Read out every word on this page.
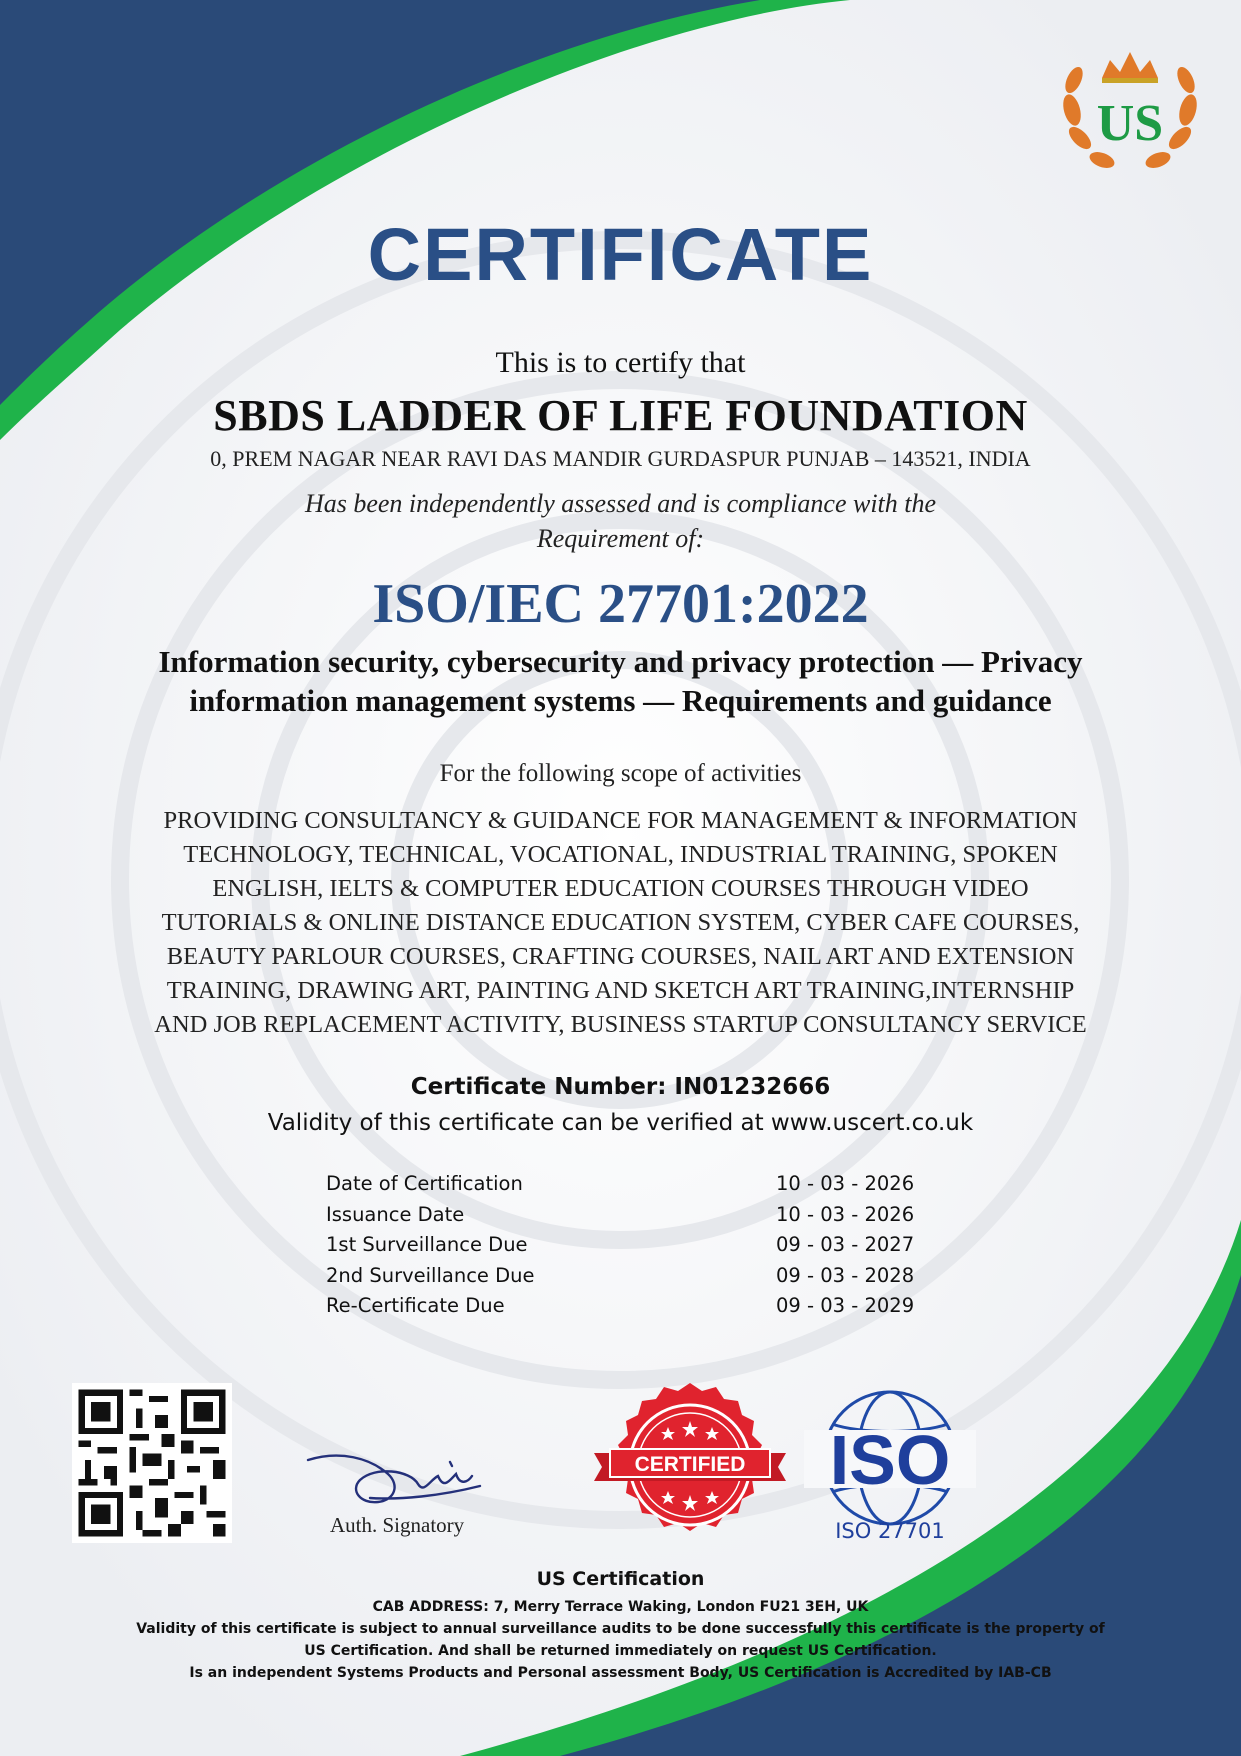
US
CERTIFICATE
This is to certify that
SBDS LADDER OF LIFE FOUNDATION
0, PREM NAGAR NEAR RAVI DAS MANDIR GURDASPUR PUNJAB – 143521, INDIA
Has been independently assessed and is compliance with the
Requirement of:
ISO/IEC 27701:2022
Information security, cybersecurity and privacy protection — Privacy information management systems — Requirements and guidance
For the following scope of activities
PROVIDING CONSULTANCY & GUIDANCE FOR MANAGEMENT & INFORMATION
TECHNOLOGY, TECHNICAL, VOCATIONAL, INDUSTRIAL TRAINING, SPOKEN
ENGLISH, IELTS & COMPUTER EDUCATION COURSES THROUGH VIDEO
TUTORIALS & ONLINE DISTANCE EDUCATION SYSTEM, CYBER CAFE COURSES,
BEAUTY PARLOUR COURSES, CRAFTING COURSES, NAIL ART AND EXTENSION
TRAINING, DRAWING ART, PAINTING AND SKETCH ART TRAINING,INTERNSHIP
AND JOB REPLACEMENT ACTIVITY, BUSINESS STARTUP CONSULTANCY SERVICE
Certificate Number: IN01232666
Validity of this certificate can be verified at www.uscert.co.uk
Date of Certification	10 - 03 - 2026
Issuance Date	10 - 03 - 2026
1st Surveillance Due	09 - 03 - 2027
2nd Surveillance Due	09 - 03 - 2028
Re-Certificate Due	09 - 03 - 2029
Auth. Signatory
CERTIFIED ISO
ISO 27701
US Certification
CAB ADDRESS: 7, Merry Terrace Waking, London FU21 3EH, UK
Validity of this certificate is subject to annual surveillance audits to be done successfully this certificate is the property of
US Certification. And shall be returned immediately on request US Certification.
Is an independent Systems Products and Personal assessment Body, US Certification is Accredited by IAB-CB
